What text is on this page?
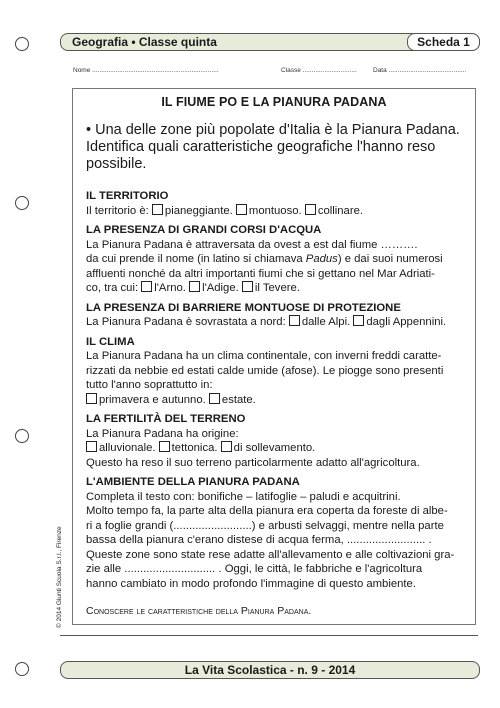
Geografia • Classe quinta	Scheda 1
Nome ......................................................................	Classe .............................. Data ...........................................
© 2014 Giunti Scuola S.r.l., Firenze
IL FIUME PO E LA PIANURA PADANA
• Una delle zone più popolate d'Italia è la Pianura Padana. Identifica quali caratteristiche geografiche l'hanno reso possibile.
IL TERRITORIO

Il territorio è: pianeggiante. montuoso. collinare.

LA PRESENZA DI GRANDI CORSI D'ACQUA

La Pianura Padana è attraversata da ovest a est dal fiume ……….

da cui prende il nome (in latino si chiamava Padus) e dai suoi numerosi

affluenti nonché da altri importanti fiumi che si gettano nel Mar Adriati-

co, tra cui: l'Arno. l'Adige. il Tevere.

LA PRESENZA DI BARRIERE MONTUOSE DI PROTEZIONE

La Pianura Padana è sovrastata a nord: dalle Alpi. dagli Appennini.

IL CLIMA

La Pianura Padana ha un clima continentale, con inverni freddi caratte-

rizzati da nebbie ed estati calde umide (afose). Le piogge sono presenti

tutto l'anno soprattutto in:

primavera e autunno. estate.

LA FERTILITÀ DEL TERRENO

La Pianura Padana ha origine:

alluvionale. tettonica. di sollevamento.

Questo ha reso il suo terreno particolarmente adatto all'agricoltura.

L'AMBIENTE DELLA PIANURA PADANA

Completa il testo con: bonifiche – latifoglie – paludi e acquitrini.

Molto tempo fa, la parte alta della pianura era coperta da foreste di albe-

ri a foglie grandi (.........................) e arbusti selvaggi, mentre nella parte

bassa della pianura c'erano distese di acqua ferma, ......................... .

Queste zone sono state rese adatte all'allevamento e alle coltivazioni gra-

zie alle ............................. . Oggi, le città, le fabbriche e l'agricoltura

hanno cambiato in modo profondo l'immagine di questo ambiente.

Conoscere le caratteristiche della Pianura Padana.
La Vita Scolastica - n. 9 - 2014
